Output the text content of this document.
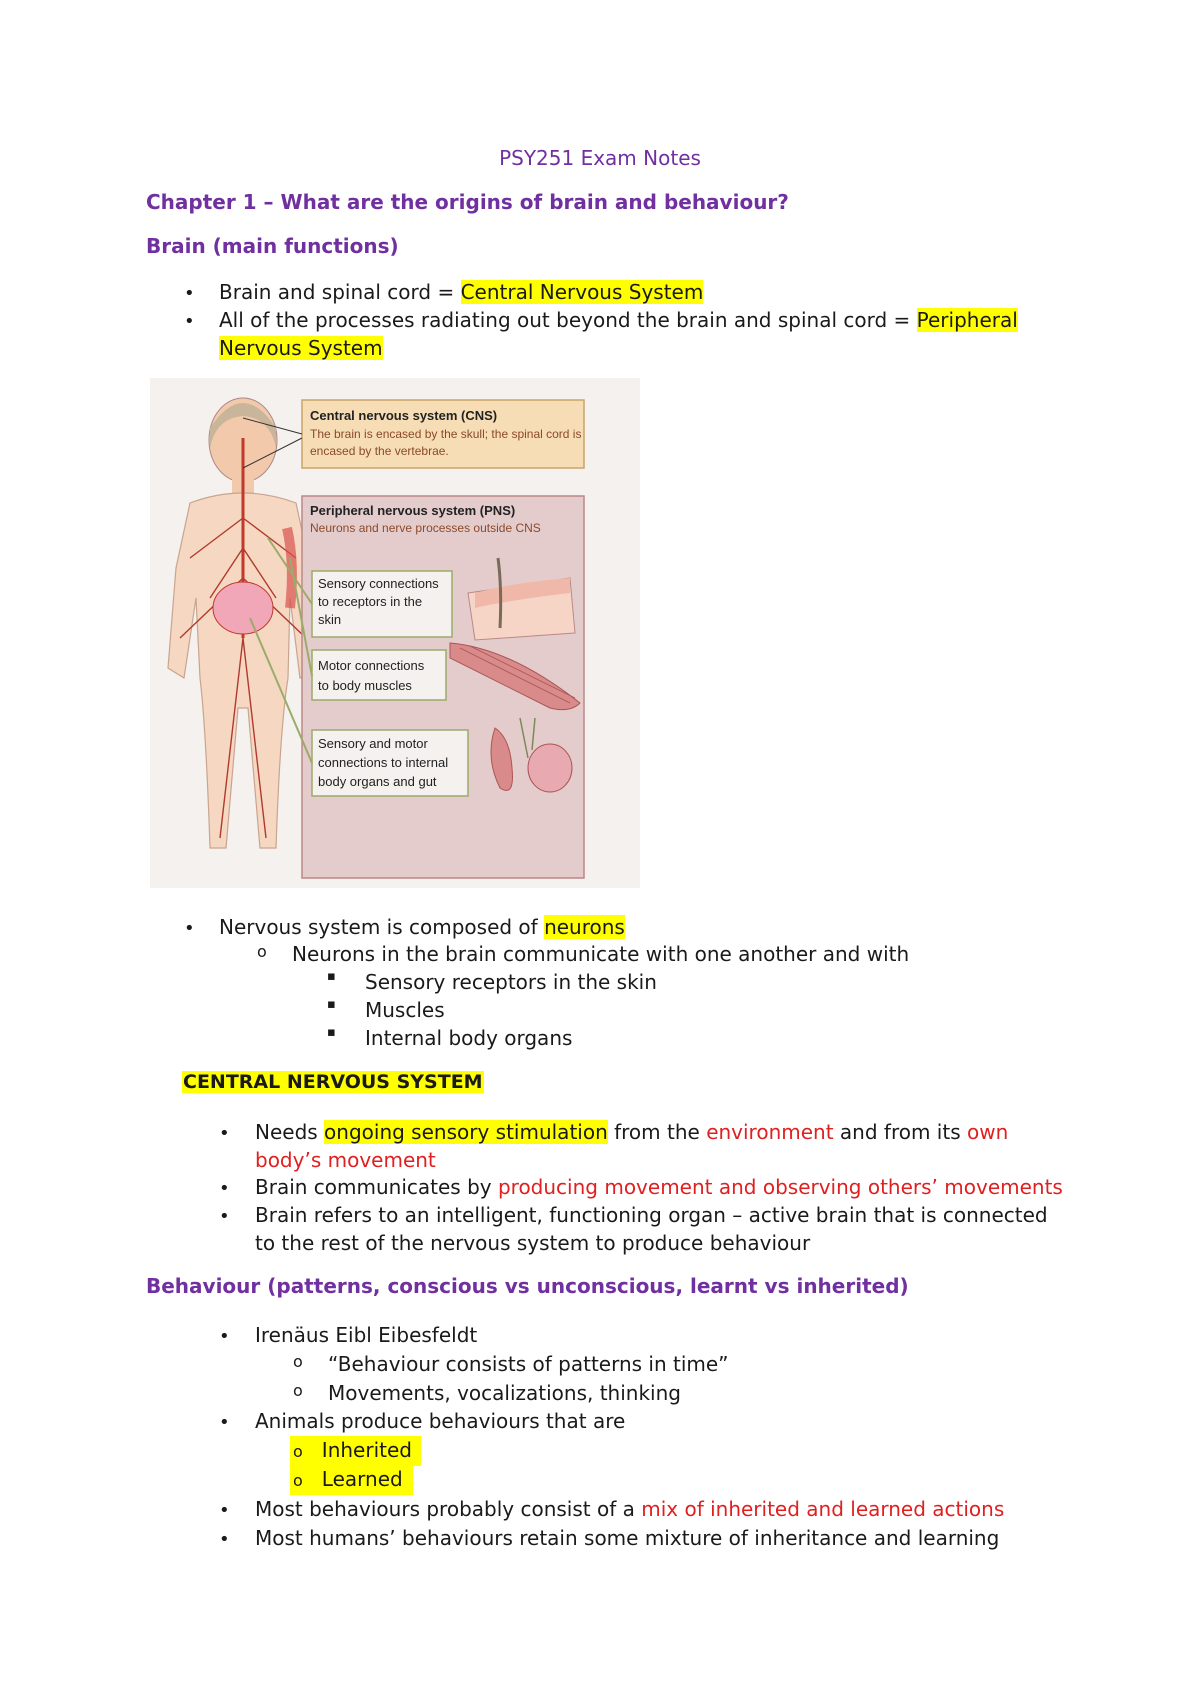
PSY251 Exam Notes
Chapter 1 – What are the origins of brain and behaviour?
Brain (main functions)
• Brain and spinal cord = Central Nervous System
• All of the processes radiating out beyond the brain and spinal cord = Peripheral
Nervous System
Central nervous system (CNS)
The brain is encased by the skull; the spinal cord is
encased by the vertebrae.
Peripheral nervous system (PNS)
Neurons and nerve processes outside CNS
Sensory connections
to receptors in the
skin
Motor connections
to body muscles
Sensory and motor
connections to internal
body organs and gut
• Nervous system is composed of neurons
o Neurons in the brain communicate with one another and with
▪ Sensory receptors in the skin
▪ Muscles
▪ Internal body organs
CENTRAL NERVOUS SYSTEM
• Needs ongoing sensory stimulation from the environment and from its own
body’s movement
• Brain communicates by producing movement and observing others’ movements
• Brain refers to an intelligent, functioning organ – active brain that is connected
to the rest of the nervous system to produce behaviour
Behaviour (patterns, conscious vs unconscious, learnt vs inherited)
• Irenäus Eibl Eibesfeldt
o “Behaviour consists of patterns in time”
o Movements, vocalizations, thinking
• Animals produce behaviours that are
o Inherited
o Learned
• Most behaviours probably consist of a mix of inherited and learned actions
• Most humans’ behaviours retain some mixture of inheritance and learning
